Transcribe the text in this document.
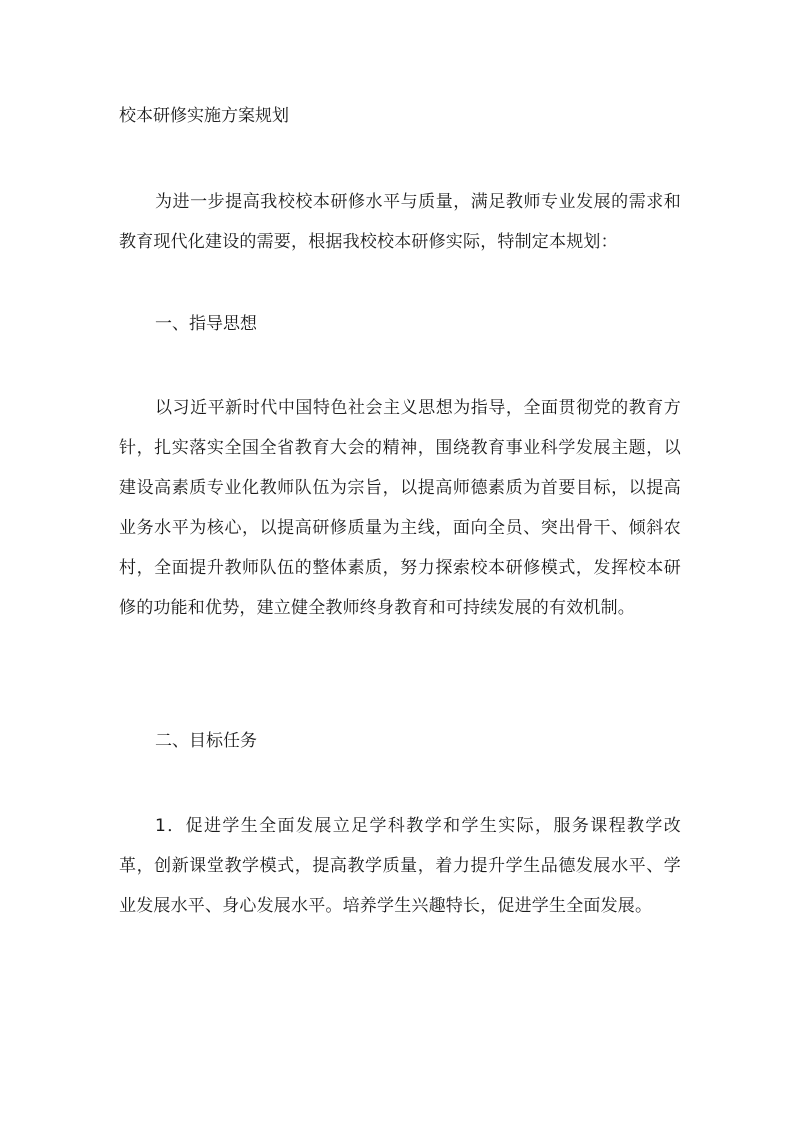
校本研修实施方案规划

为进一步提高我校校本研修水平与质量，满足教师专业发展的需求和教育现代化建设的需要，根据我校校本研修实际，特制定本规划：

一、指导思想

以习近平新时代中国特色社会主义思想为指导，全面贯彻党的教育方针，扎实落实全国全省教育大会的精神，围绕教育事业科学发展主题，以建设高素质专业化教师队伍为宗旨，以提高师德素质为首要目标，以提高业务水平为核心，以提高研修质量为主线，面向全员、突出骨干、倾斜农村，全面提升教师队伍的整体素质，努力探索校本研修模式，发挥校本研修的功能和优势，建立健全教师终身教育和可持续发展的有效机制。

二、目标任务

1．促进学生全面发展立足学科教学和学生实际，服务课程教学改革，创新课堂教学模式，提高教学质量，着力提升学生品德发展水平、学业发展水平、身心发展水平。培养学生兴趣特长，促进学生全面发展。
